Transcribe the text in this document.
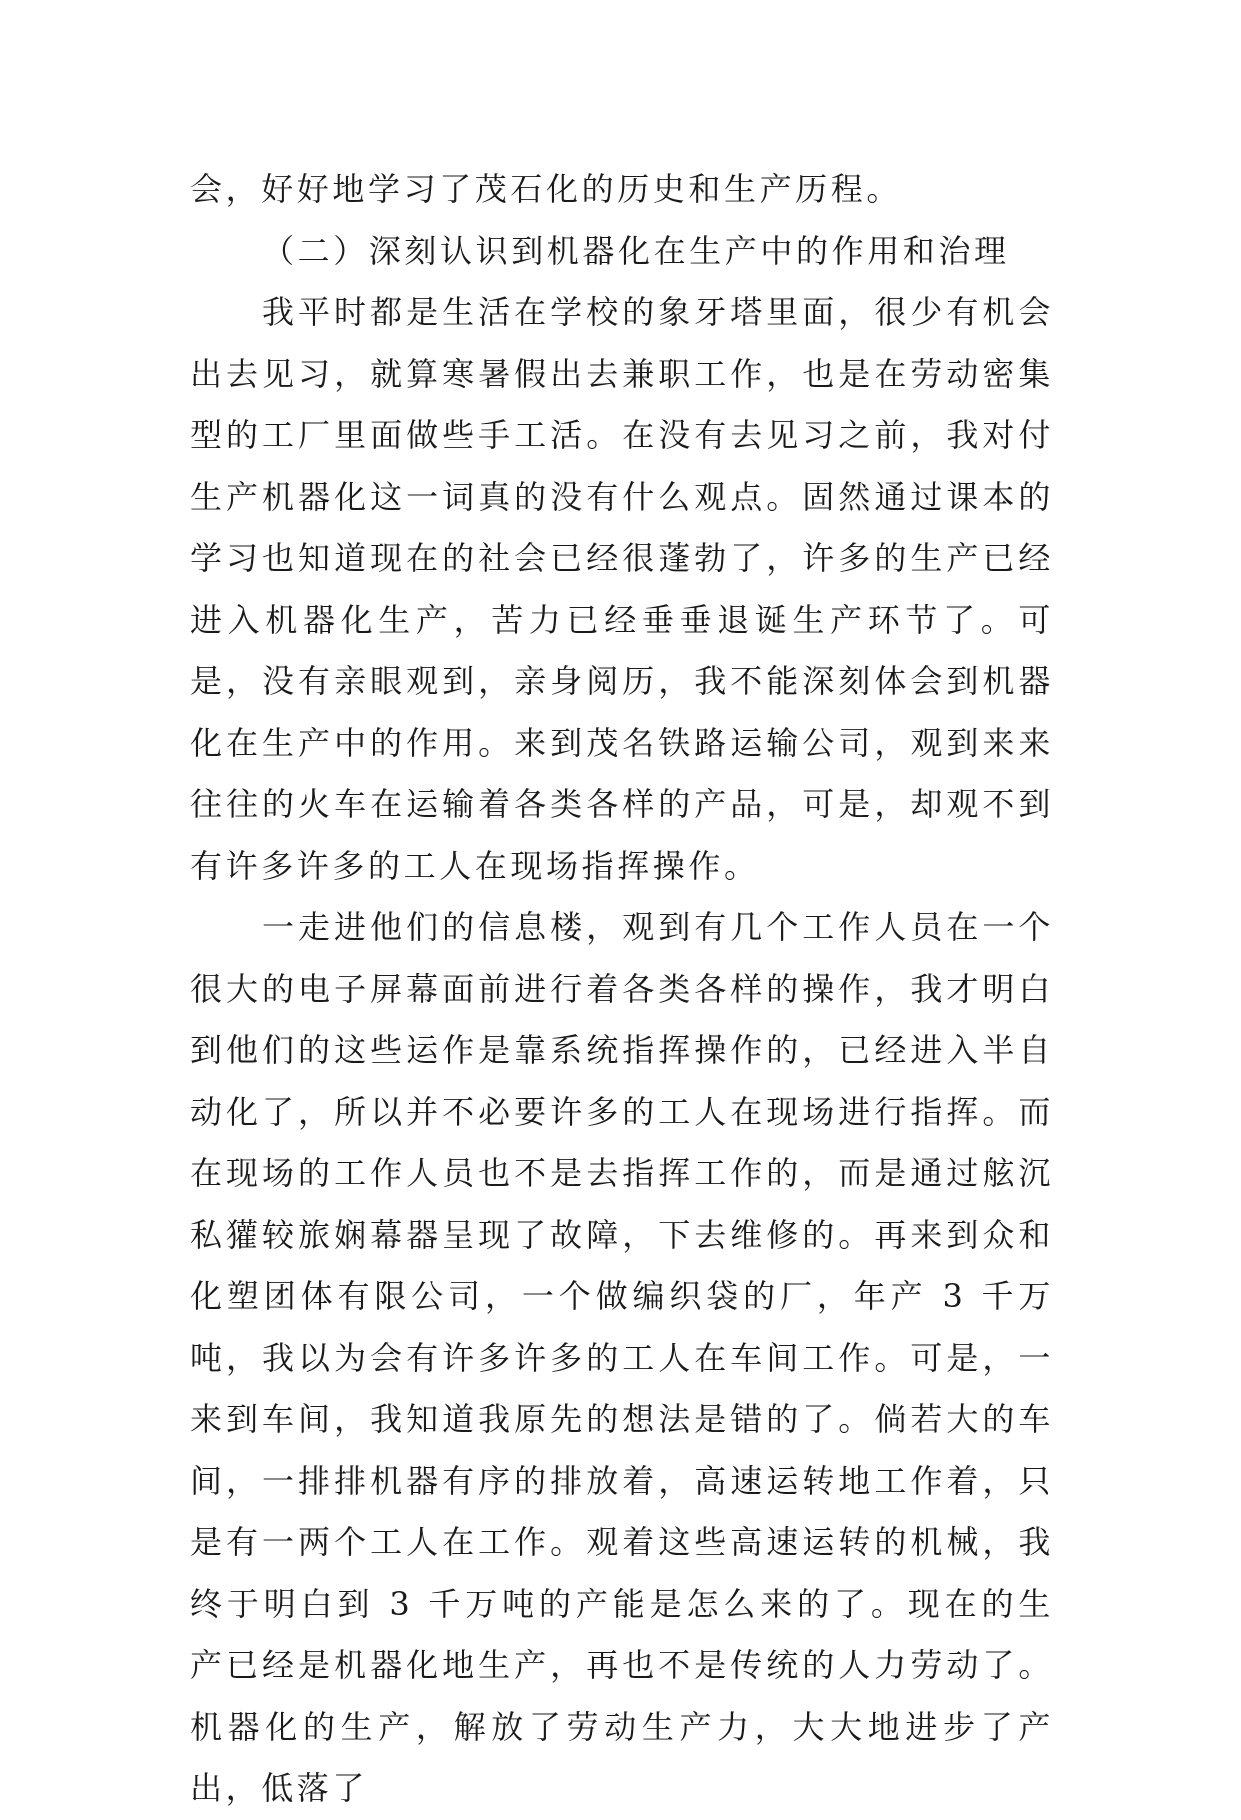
会，好好地学习了茂石化的历史和生产历程。

（二）深刻认识到机器化在生产中的作用和治理

我平时都是生活在学校的象牙塔里面，很少有机会出去见习，就算寒暑假出去兼职工作，也是在劳动密集型的工厂里面做些手工活。在没有去见习之前，我对付生产机器化这一词真的没有什么观点。固然通过课本的学习也知道现在的社会已经很蓬勃了，许多的生产已经进入机器化生产，苦力已经垂垂退诞生产环节了。可是，没有亲眼观到，亲身阅历，我不能深刻体会到机器化在生产中的作用。来到茂名铁路运输公司，观到来来往往的火车在运输着各类各样的产品，可是，却观不到有许多许多的工人在现场指挥操作。

一走进他们的信息楼，观到有几个工作人员在一个很大的电子屏幕面前进行着各类各样的操作，我才明白到他们的这些运作是靠系统指挥操作的，已经进入半自动化了，所以并不必要许多的工人在现场进行指挥。而在现场的工作人员也不是去指挥工作的，而是通过舷沉私獾较旅娴幕器呈现了故障，下去维修的。再来到众和化塑团体有限公司，一个做编织袋的厂，年产 3 千万吨，我以为会有许多许多的工人在车间工作。可是，一来到车间，我知道我原先的想法是错的了。倘若大的车间，一排排机器有序的排放着，高速运转地工作着，只是有一两个工人在工作。观着这些高速运转的机械，我终于明白到 3 千万吨的产能是怎么来的了。现在的生产已经是机器化地生产，再也不是传统的人力劳动了。机器化的生产，解放了劳动生产力，大大地进步了产出，低落了
